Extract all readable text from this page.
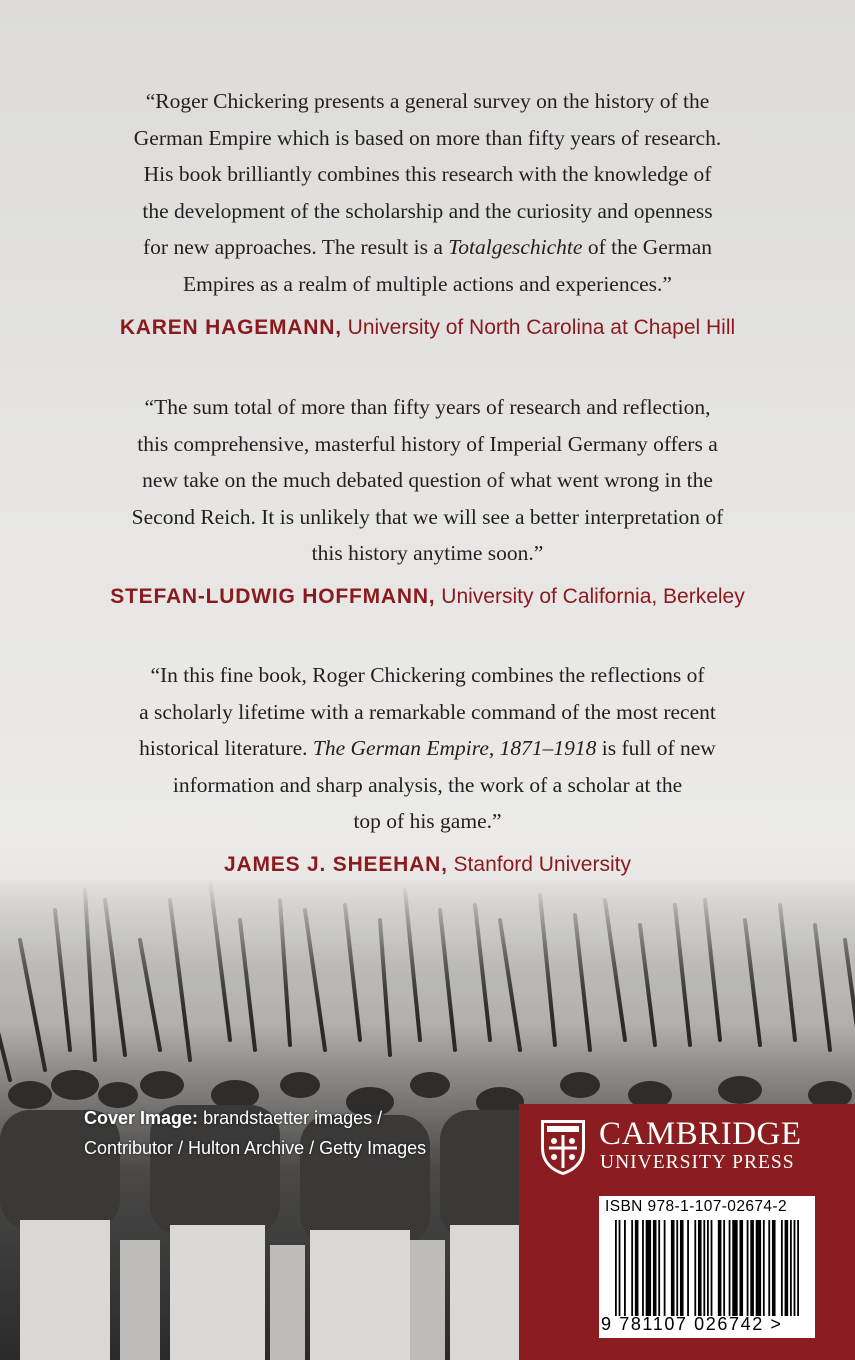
“Roger Chickering presents a general survey on the history of the
German Empire which is based on more than fifty years of research.
His book brilliantly combines this research with the knowledge of
the development of the scholarship and the curiosity and openness
for new approaches. The result is a Totalgeschichte of the German
Empires as a realm of multiple actions and experiences.”
KAREN HAGEMANN, University of North Carolina at Chapel Hill
“The sum total of more than fifty years of research and reflection,
this comprehensive, masterful history of Imperial Germany offers a
new take on the much debated question of what went wrong in the
Second Reich. It is unlikely that we will see a better interpretation of
this history anytime soon.”
STEFAN-LUDWIG HOFFMANN, University of California, Berkeley
“In this fine book, Roger Chickering combines the reflections of
a scholarly lifetime with a remarkable command of the most recent
historical literature. The German Empire, 1871–1918 is full of new
information and sharp analysis, the work of a scholar at the
top of his game.”
JAMES J. SHEEHAN, Stanford University
Cover Image: brandstaetter images /
Contributor / Hulton Archive / Getty Images	CAMBRIDGE
UNIVERSITY PRESS
ISBN 978-1-107-02674-2
9 781107 026742 >
